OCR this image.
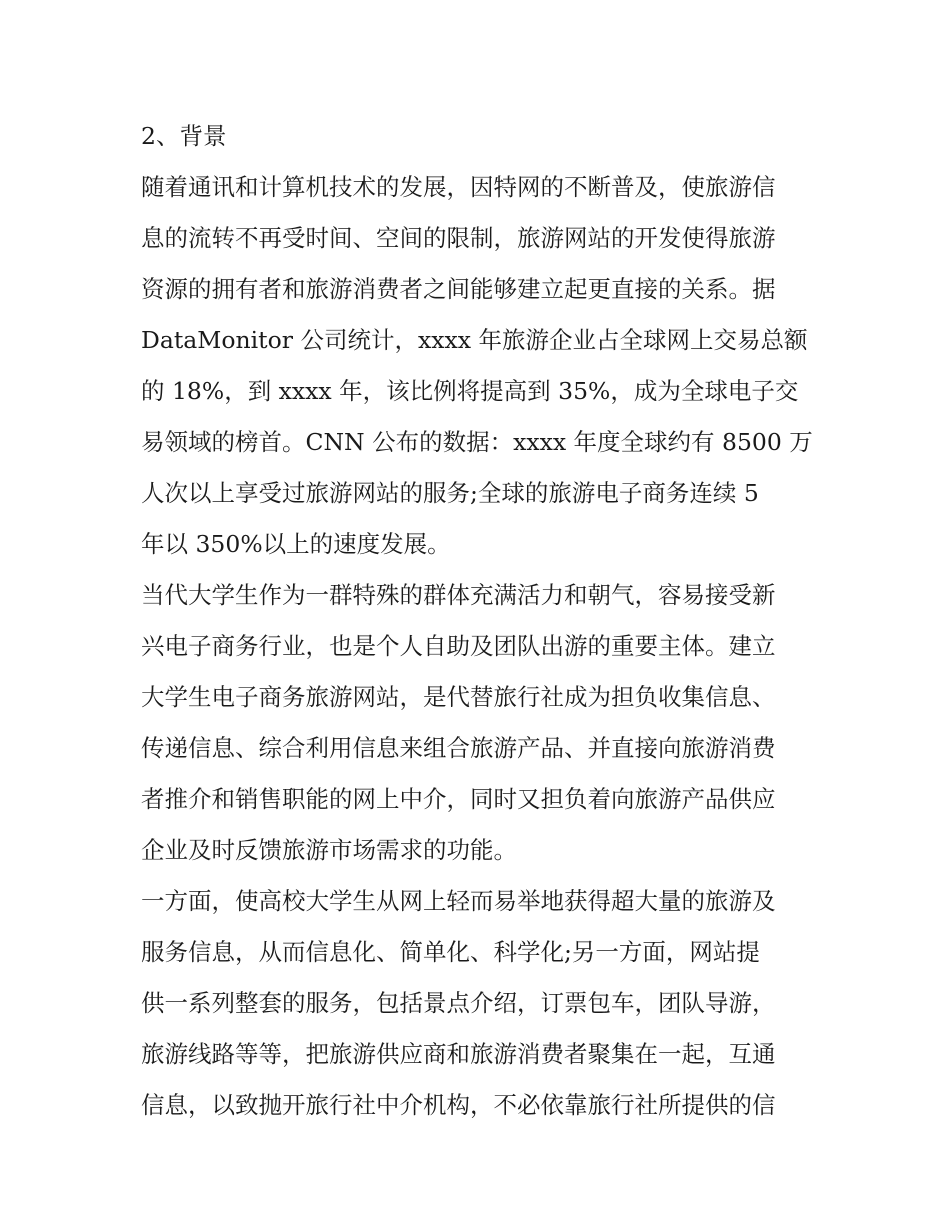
2、背景
随着通讯和计算机技术的发展，因特网的不断普及，使旅游信
息的流转不再受时间、空间的限制，旅游网站的开发使得旅游
资源的拥有者和旅游消费者之间能够建立起更直接的关系。据
DataMonitor 公司统计，xxxx 年旅游企业占全球网上交易总额
的 18%，到 xxxx 年，该比例将提高到 35%，成为全球电子交
易领域的榜首。CNN 公布的数据：xxxx 年度全球约有 8500 万
人次以上享受过旅游网站的服务;全球的旅游电子商务连续 5
年以 350%以上的速度发展。
当代大学生作为一群特殊的群体充满活力和朝气，容易接受新
兴电子商务行业，也是个人自助及团队出游的重要主体。建立
大学生电子商务旅游网站，是代替旅行社成为担负收集信息、
传递信息、综合利用信息来组合旅游产品、并直接向旅游消费
者推介和销售职能的网上中介，同时又担负着向旅游产品供应
企业及时反馈旅游市场需求的功能。
一方面，使高校大学生从网上轻而易举地获得超大量的旅游及
服务信息，从而信息化、简单化、科学化;另一方面，网站提
供一系列整套的服务，包括景点介绍，订票包车，团队导游，
旅游线路等等，把旅游供应商和旅游消费者聚集在一起，互通
信息，以致抛开旅行社中介机构，不必依靠旅行社所提供的信
